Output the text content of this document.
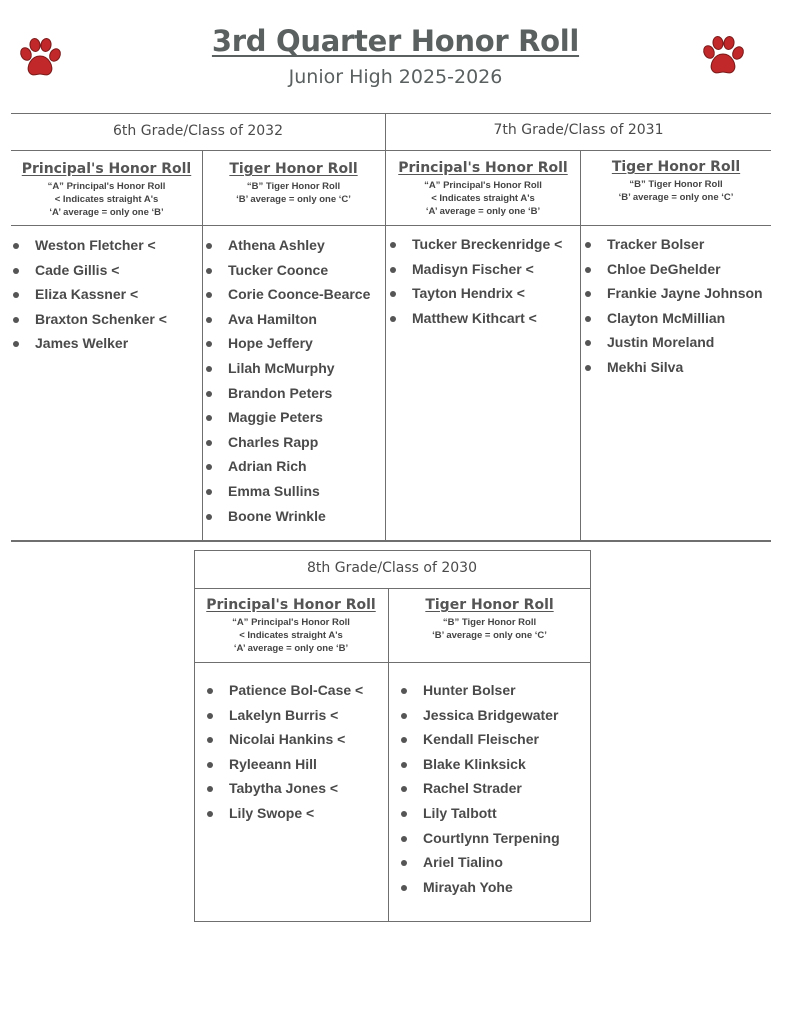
3rd Quarter Honor Roll
Junior High 2025-2026
6th Grade/Class of 2032
Principal's Honor Roll
“A” Principal's Honor Roll
< Indicates straight A's
‘A’ average = only one ‘B’
Tiger Honor Roll
“B” Tiger Honor Roll
‘B’ average = only one ‘C’
Weston Fletcher <
Cade Gillis <
Eliza Kassner <
Braxton Schenker <
James Welker
Athena Ashley
Tucker Coonce
Corie Coonce-Bearce
Ava Hamilton
Hope Jeffery
Lilah McMurphy
Brandon Peters
Maggie Peters
Charles Rapp
Adrian Rich
Emma Sullins
Boone Wrinkle
7th Grade/Class of 2031
Principal's Honor Roll
“A” Principal's Honor Roll
< Indicates straight A's
‘A’ average = only one ‘B’
Tiger Honor Roll
“B” Tiger Honor Roll
‘B’ average = only one ‘C’
Tucker Breckenridge <
Madisyn Fischer <
Tayton Hendrix <
Matthew Kithcart <
Tracker Bolser
Chloe DeGhelder
Frankie Jayne Johnson
Clayton McMillian
Justin Moreland
Mekhi Silva
8th Grade/Class of 2030
Principal's Honor Roll
“A” Principal's Honor Roll
< Indicates straight A's
‘A’ average = only one ‘B’
Tiger Honor Roll
“B” Tiger Honor Roll
‘B’ average = only one ‘C’
Patience Bol-Case <
Lakelyn Burris <
Nicolai Hankins <
Ryleeann Hill
Tabytha Jones <
Lily Swope <
Hunter Bolser
Jessica Bridgewater
Kendall Fleischer
Blake Klinksick
Rachel Strader
Lily Talbott
Courtlynn Terpening
Ariel Tialino
Mirayah Yohe
